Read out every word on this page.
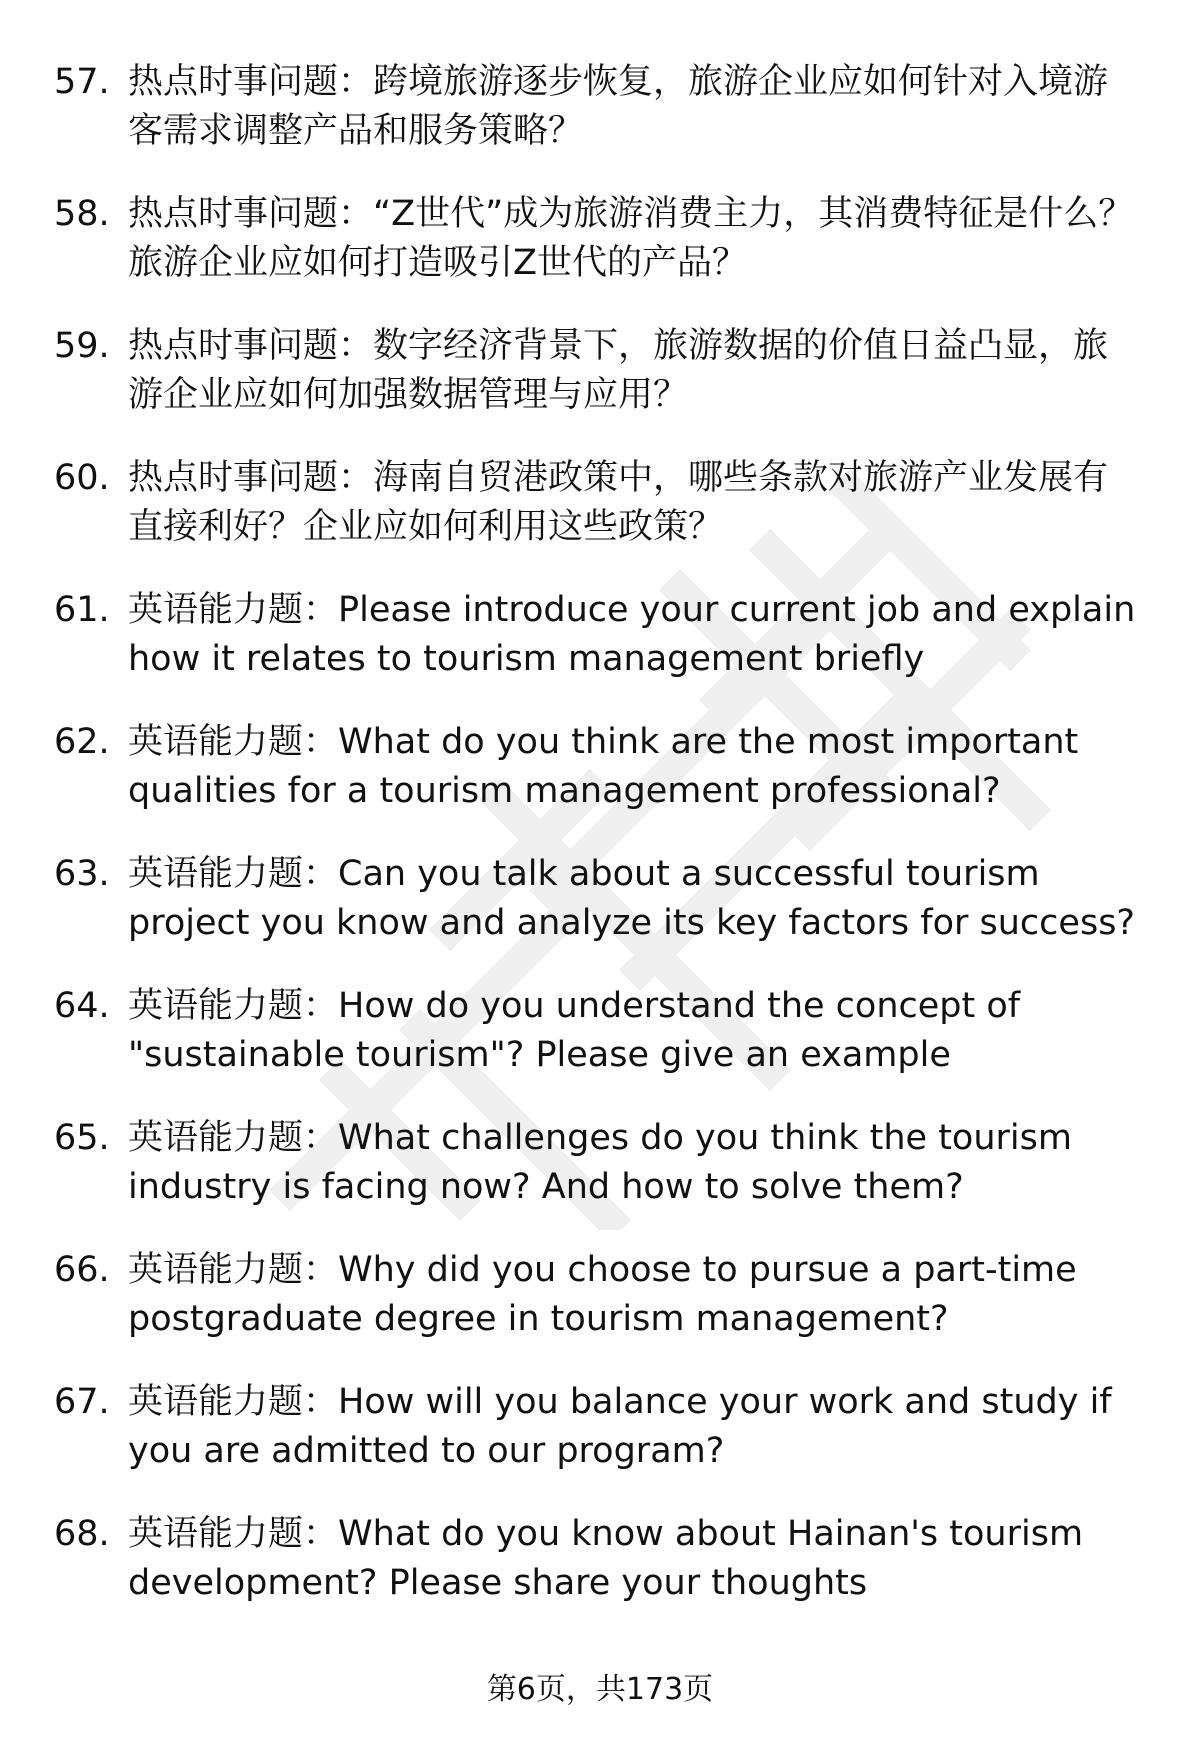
57. 热点时事问题：跨境旅游逐步恢复，旅游企业应如何针对入境游客需求调整产品和服务策略？
58. 热点时事问题：“Z世代”成为旅游消费主力，其消费特征是什么？旅游企业应如何打造吸引Z世代的产品？
59. 热点时事问题：数字经济背景下，旅游数据的价值日益凸显，旅游企业应如何加强数据管理与应用？
60. 热点时事问题：海南自贸港政策中，哪些条款对旅游产业发展有直接利好？企业应如何利用这些政策？
61. 英语能力题：Please introduce your current job and explain how it relates to tourism management briefly
62. 英语能力题：What do you think are the most important qualities for a tourism management professional?
63. 英语能力题：Can you talk about a successful tourism project you know and analyze its key factors for success?
64. 英语能力题：How do you understand the concept of "sustainable tourism"? Please give an example
65. 英语能力题：What challenges do you think the tourism industry is facing now? And how to solve them?
66. 英语能力题：Why did you choose to pursue a part-time postgraduate degree in tourism management?
67. 英语能力题：How will you balance your work and study if you are admitted to our program?
68. 英语能力题：What do you know about Hainan's tourism development? Please share your thoughts
第6页，共173页
